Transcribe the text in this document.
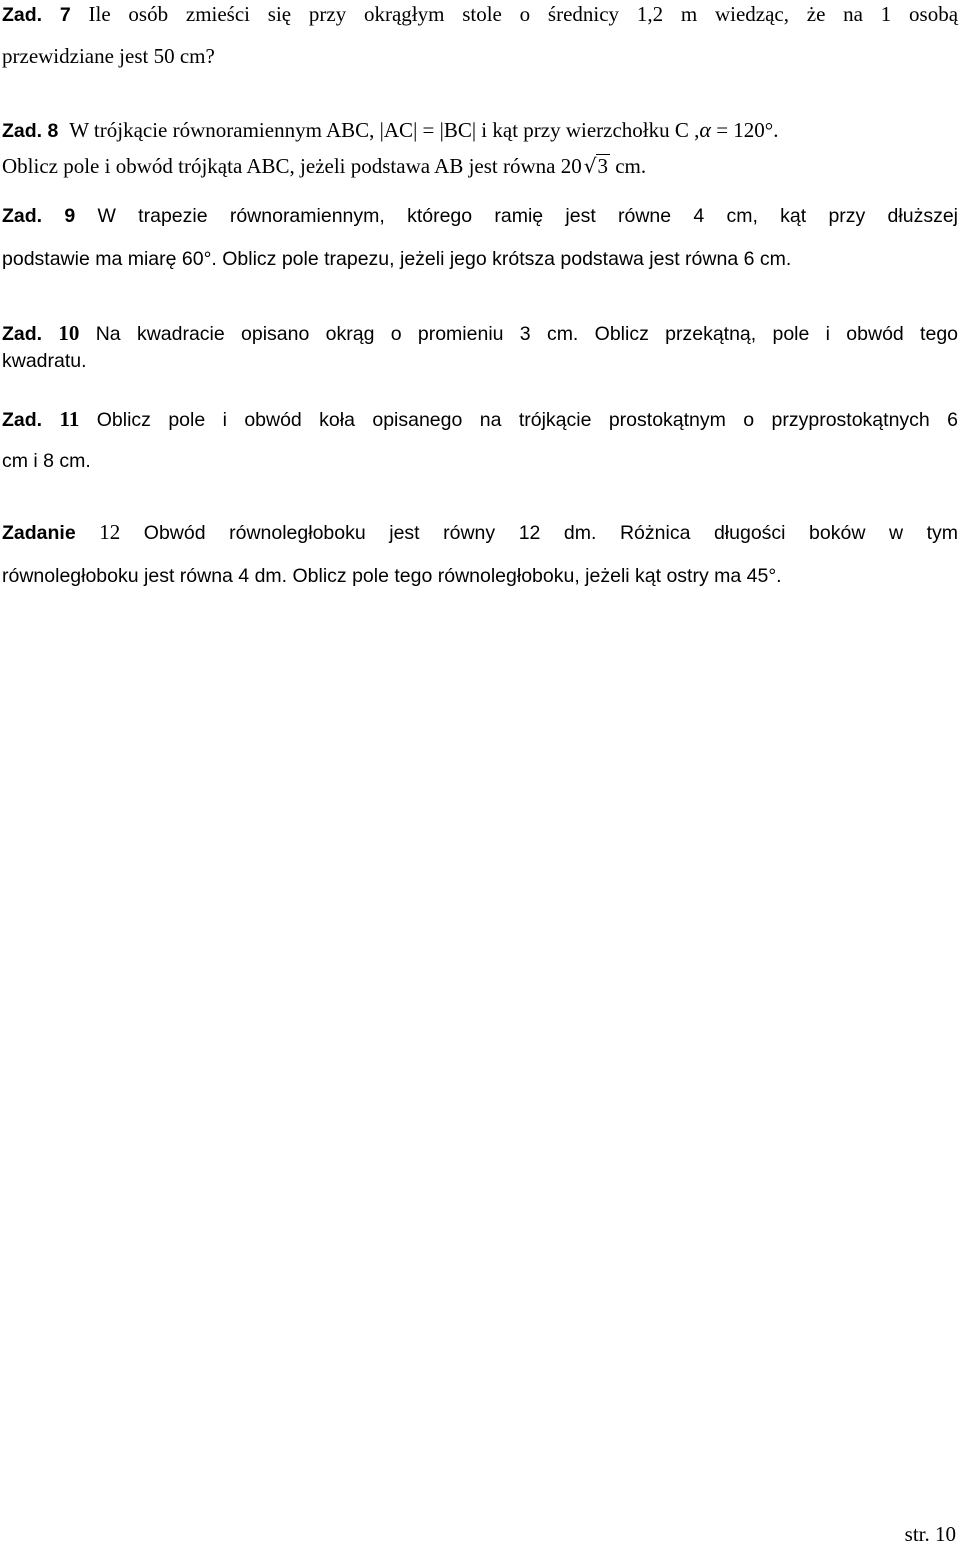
Zad. 7 Ile osób zmieści się przy okrągłym stole o średnicy 1,2 m wiedząc, że na 1 osobą
przewidziane jest 50 cm?
Zad. 8 W trójkącie równoramiennym ABC, |AC| = |BC| i kąt przy wierzchołku C ,α = 120°.
Oblicz pole i obwód trójkąta ABC, jeżeli podstawa AB jest równa 20 √3 cm.
Zad. 9 W trapezie równoramiennym, którego ramię jest równe 4 cm, kąt przy dłuższej
podstawie ma miarę 60°. Oblicz pole trapezu, jeżeli jego krótsza podstawa jest równa 6 cm.
Zad. 10 Na kwadracie opisano okrąg o promieniu 3 cm. Oblicz przekątną, pole i obwód tego
kwadratu.
Zad. 11 Oblicz pole i obwód koła opisanego na trójkącie prostokątnym o przyprostokątnych 6
cm i 8 cm.
Zadanie 12 Obwód równoległoboku jest równy 12 dm. Różnica długości boków w tym
równoległoboku jest równa 4 dm. Oblicz pole tego równoległoboku, jeżeli kąt ostry ma 45°.
str. 10
